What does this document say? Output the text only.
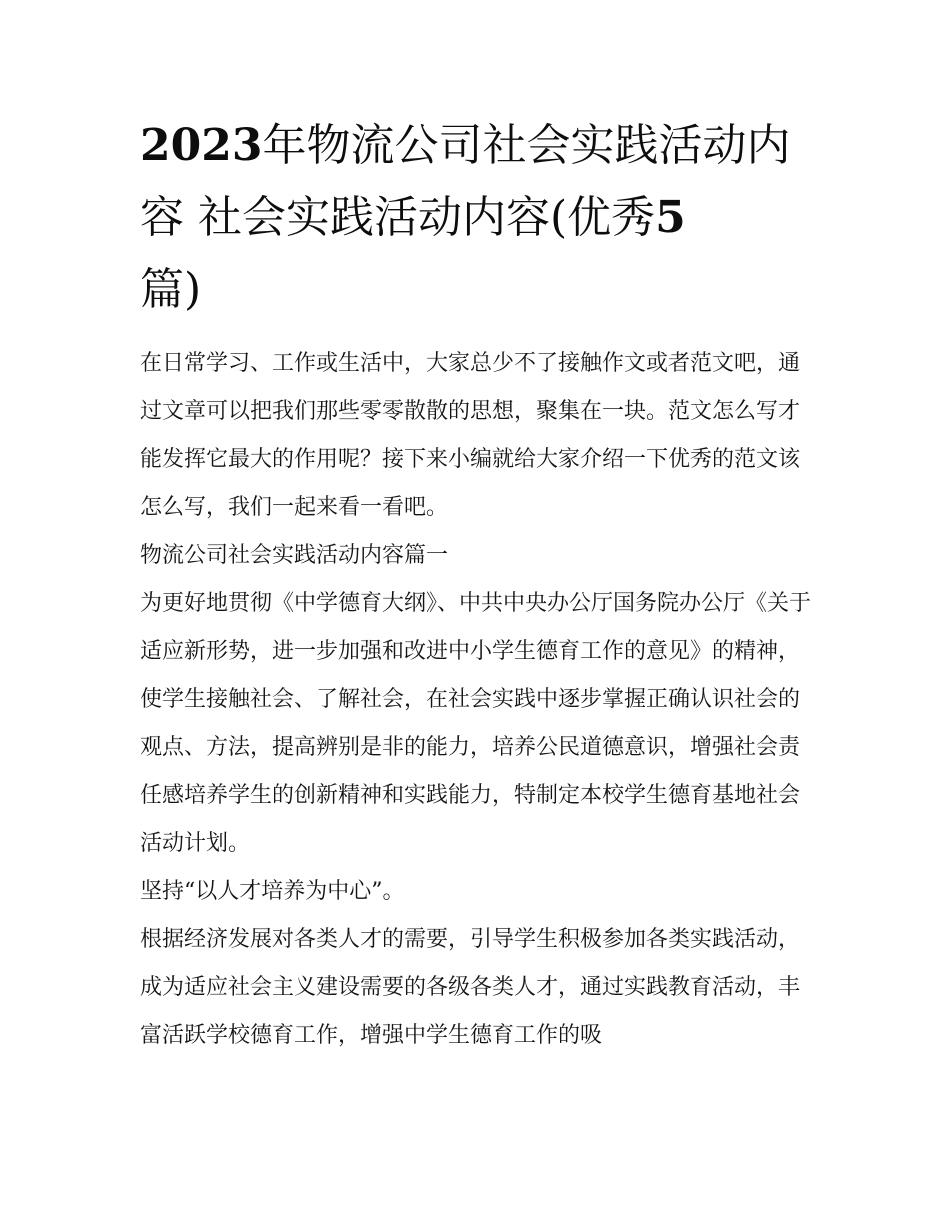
2023年物流公司社会实践活动内容 社会实践活动内容(优秀5
篇)

在日常学习、工作或生活中，大家总少不了接触作文或者范文吧，通过文章可以把我们那些零零散散的思想，聚集在一块。范文怎么写才能发挥它最大的作用呢？接下来小编就给大家介绍一下优秀的范文该怎么写，我们一起来看一看吧。

物流公司社会实践活动内容篇一

为更好地贯彻《中学德育大纲》、中共中央办公厅国务院办公厅《关于适应新形势，进一步加强和改进中小学生德育工作的意见》的精神，使学生接触社会、了解社会，在社会实践中逐步掌握正确认识社会的观点、方法，提高辨别是非的能力，培养公民道德意识，增强社会责任感培养学生的创新精神和实践能力，特制定本校学生德育基地社会活动计划。

坚持“以人才培养为中心”。

根据经济发展对各类人才的需要，引导学生积极参加各类实践活动，成为适应社会主义建设需要的各级各类人才，通过实践教育活动，丰富活跃学校德育工作，增强中学生德育工作的吸
